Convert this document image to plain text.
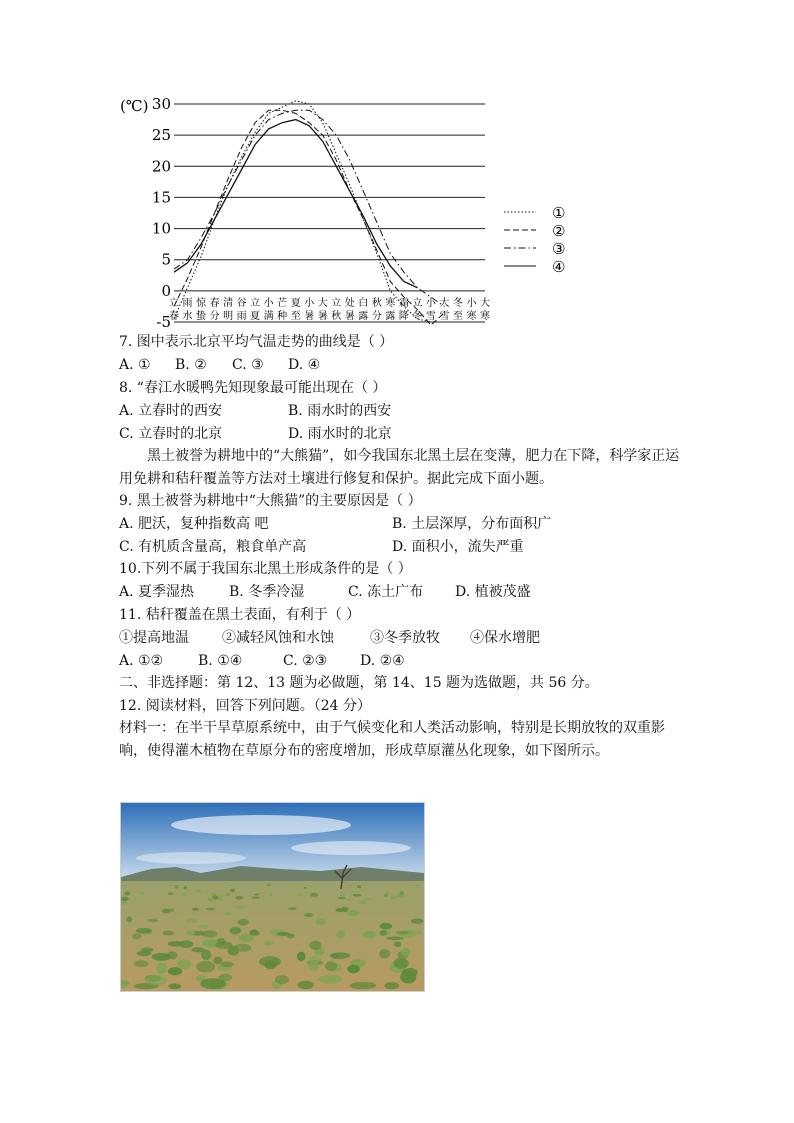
(℃) 30
25
20
15
10
5
0
-5
立 雨 惊 春 清 谷 立 小 芒 夏 小 大 立 处 白 秋 寒 霜 立 小 大 冬 小 大
春 水 蛰 分 明 雨 夏 满 种 至 暑 暑 秋 暑 露 分 露 降 冬 雪 雪 至 寒 寒
①
②
③
④
7. 图中表示北京平均气温走势的曲线是（ ）
A. ① B. ② C. ③ D. ④
8. “春江水暖鸭先知现象最可能出现在（ ）
A. 立春时的西安	B. 雨水时的西安
C. 立春时的北京	D. 雨水时的北京
黑土被誉为耕地中的“大熊猫”，如今我国东北黑土层在变薄，肥力在下降，科学家正运用免耕和秸秆覆盖等方法对土壤进行修复和保护。据此完成下面小题。
9. 黑土被誉为耕地中“大熊猫”的主要原因是（ ）
A. 肥沃，复种指数高 吧	B. 土层深厚，分布面积广
C. 有机质含量高，粮食单产高	D. 面积小，流失严重
10.下列不属于我国东北黑土形成条件的是（ ）
A. 夏季湿热 B. 冬季冷湿	C. 冻土广布 D. 植被茂盛
11. 秸秆覆盖在黑土表面，有利于（ ）
①提高地温 ②减轻风蚀和水蚀	③冬季放牧 ④保水增肥
A. ①② B. ①④	C. ②③ D. ②④
二、非选择题：第 12、13 题为必做题，第 14、15 题为选做题，共 56 分。
12. 阅读材料，回答下列问题。（24 分）
材料一：在半干旱草原系统中，由于气候变化和人类活动影响，特别是长期放牧的双重影响，使得灌木植物在草原分布的密度增加，形成草原灌丛化现象，如下图所示。
